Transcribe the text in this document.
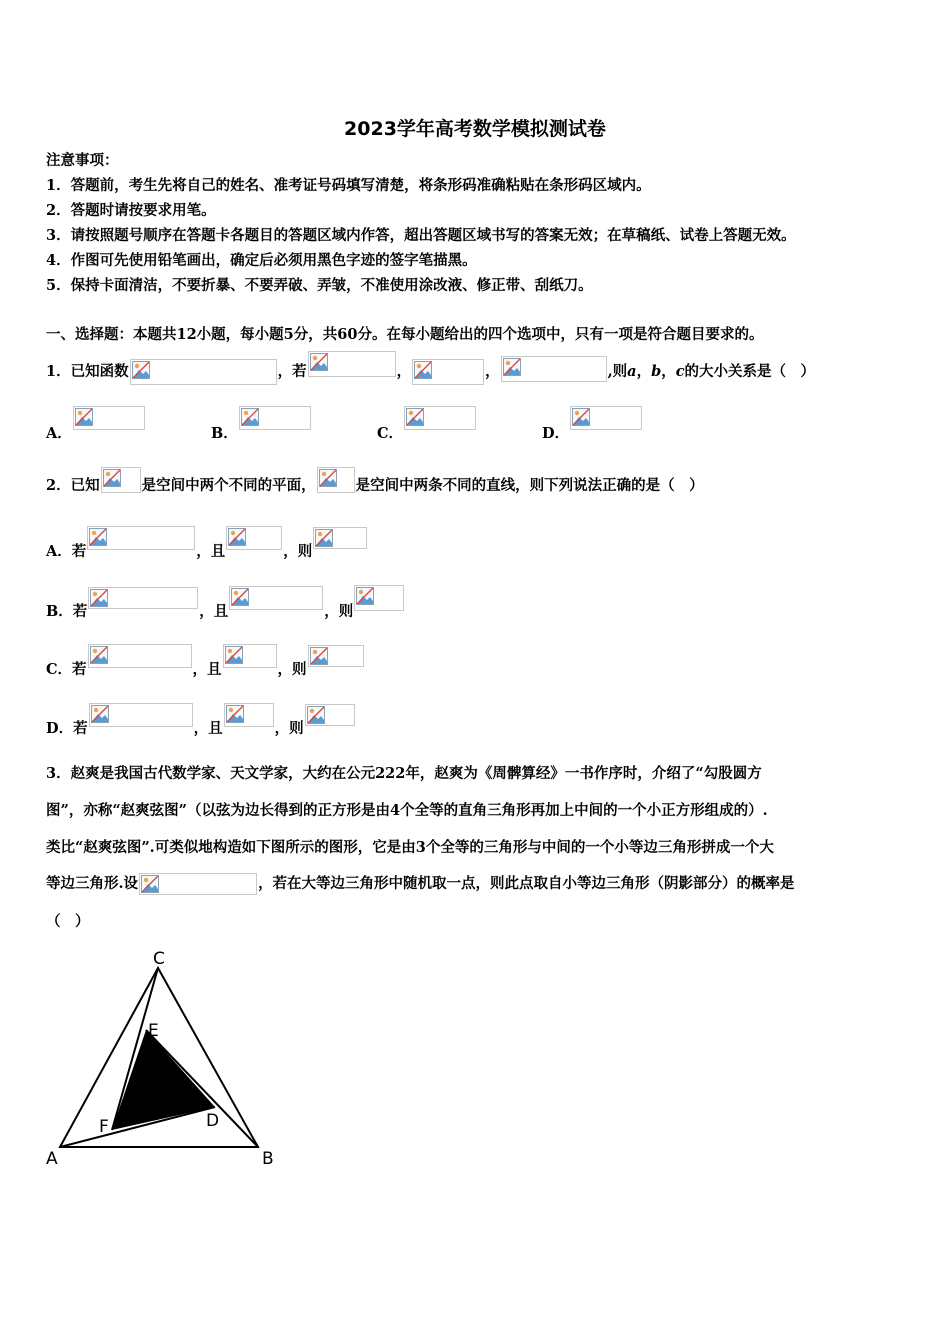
2023学年高考数学模拟测试卷
注意事项：
1．答题前，考生先将自己的姓名、准考证号码填写清楚，将条形码准确粘贴在条形码区域内。
2．答题时请按要求用笔。
3．请按照题号顺序在答题卡各题目的答题区域内作答，超出答题区域书写的答案无效；在草稿纸、试卷上答题无效。
4．作图可先使用铅笔画出，确定后必须用黑色字迹的签字笔描黑。
5．保持卡面清洁，不要折暴、不要弄破、弄皱，不准使用涂改液、修正带、刮纸刀。
一、选择题：本题共12小题，每小题5分，共60分。在每小题给出的四个选项中，只有一项是符合题目要求的。
1．已知函数	，若	，	，	,则a，b，c的大小关系是（　）
A．	B．	C．	D．
2．已知	是空间中两个不同的平面，	是空间中两条不同的直线，则下列说法正确的是（　）
A．若	，且	，则
B．若	，且	，则
C．若	，且	，则
D．若	，且	，则
3．赵爽是我国古代数学家、天文学家，大约在公元222年，赵爽为《周髀算经》一书作序时，介绍了“勾股圆方
图”，亦称“赵爽弦图”（以弦为边长得到的正方形是由4个全等的直角三角形再加上中间的一个小正方形组成的）.
类比“赵爽弦图”.可类似地构造如下图所示的图形，它是由3个全等的三角形与中间的一个小等边三角形拼成一个大
等边三角形.设	，若在大等边三角形中随机取一点，则此点取自小等边三角形（阴影部分）的概率是
（　）
C
E
D
F
A	B
